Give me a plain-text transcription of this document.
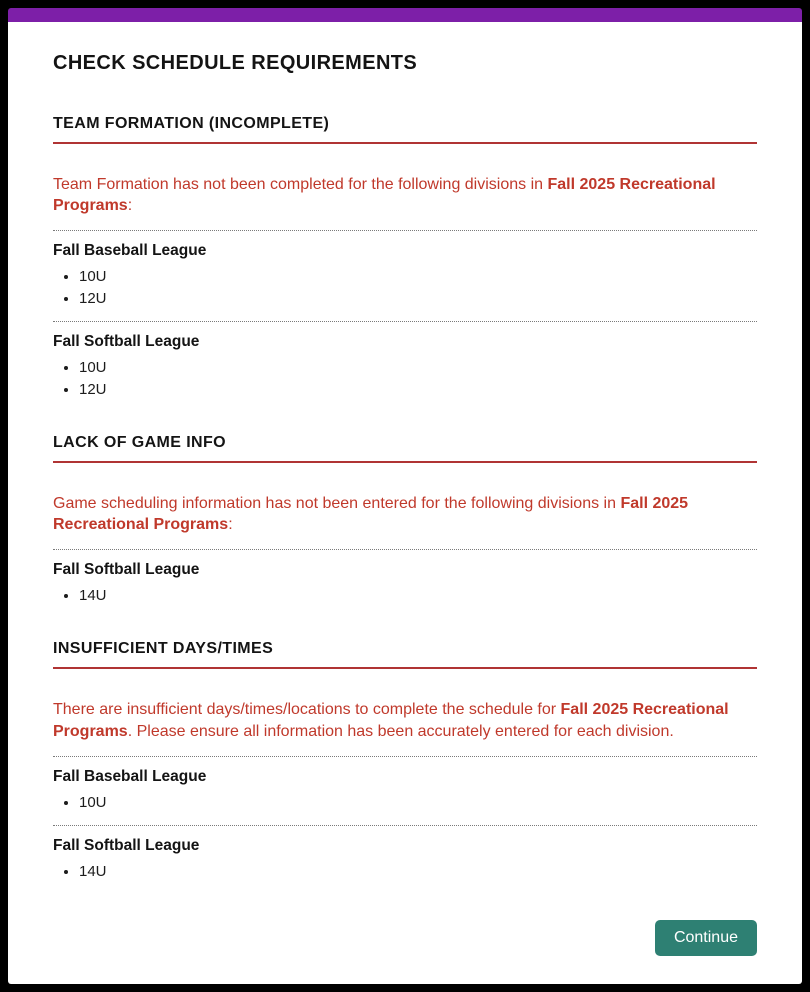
CHECK SCHEDULE REQUIREMENTS
TEAM FORMATION (INCOMPLETE)

Team Formation has not been completed for the following divisions in Fall 2025 Recreational Programs:

Fall Baseball League
• 10U
• 12U
Fall Softball League
• 10U
• 12U
LACK OF GAME INFO

Game scheduling information has not been entered for the following divisions in Fall 2025 Recreational Programs:

Fall Softball League
• 14U
INSUFFICIENT DAYS/TIMES

There are insufficient days/times/locations to complete the schedule for Fall 2025 Recreational Programs. Please ensure all information has been accurately entered for each division.

Fall Baseball League
• 10U
Fall Softball League
• 14U
Continue
